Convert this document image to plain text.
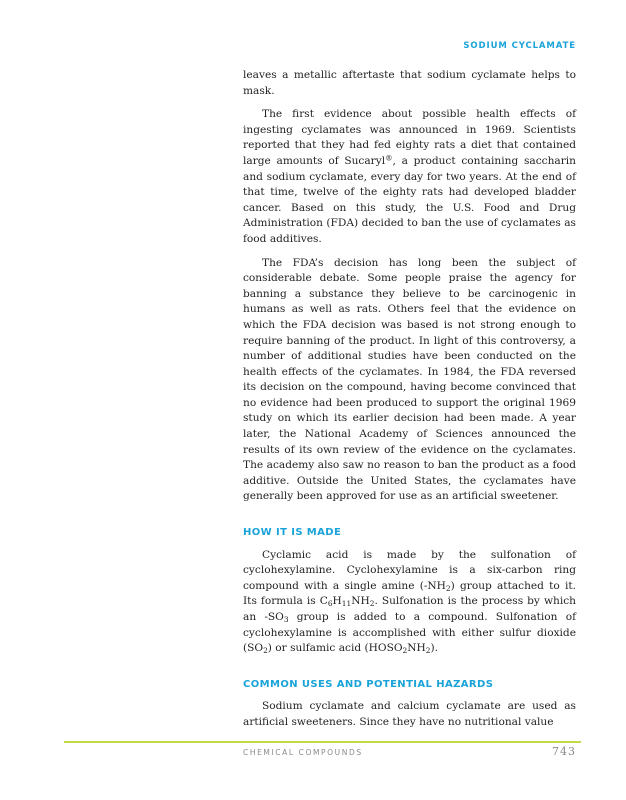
SODIUM CYCLAMATE

leaves a metallic aftertaste that sodium cyclamate helps to mask.

The first evidence about possible health effects of ingesting cyclamates was announced in 1969. Scientists reported that they had fed eighty rats a diet that contained large amounts of Sucaryl®, a product containing saccharin and sodium cyclamate, every day for two years. At the end of that time, twelve of the eighty rats had developed bladder cancer. Based on this study, the U.S. Food and Drug Administration (FDA) decided to ban the use of cyclamates as food additives.

The FDA’s decision has long been the subject of considerable debate. Some people praise the agency for banning a substance they believe to be carcinogenic in humans as well as rats. Others feel that the evidence on which the FDA decision was based is not strong enough to require banning of the product. In light of this controversy, a number of additional studies have been conducted on the health effects of the cyclamates. In 1984, the FDA reversed its decision on the compound, having become convinced that no evidence had been produced to support the original 1969 study on which its earlier decision had been made. A year later, the National Academy of Sciences announced the results of its own review of the evidence on the cyclamates. The academy also saw no reason to ban the product as a food additive. Outside the United States, the cyclamates have generally been approved for use as an artificial sweetener.

HOW IT IS MADE

Cyclamic acid is made by the sulfonation of cyclohexylamine. Cyclohexylamine is a six-carbon ring compound with a single amine $(-NH_2)$ group attached to it. Its formula is $C_6H_{11}NH_2$. Sulfonation is the process by which an $-SO_3$ group is added to a compound. Sulfonation of cyclohexylamine is accomplished with either sulfur dioxide $(SO_2)$ or sulfamic acid $(HOSO_2NH_2)$.

COMMON USES AND POTENTIAL HAZARDS

Sodium cyclamate and calcium cyclamate are used as artificial sweeteners. Since they have no nutritional value

CHEMICAL COMPOUNDS	743
